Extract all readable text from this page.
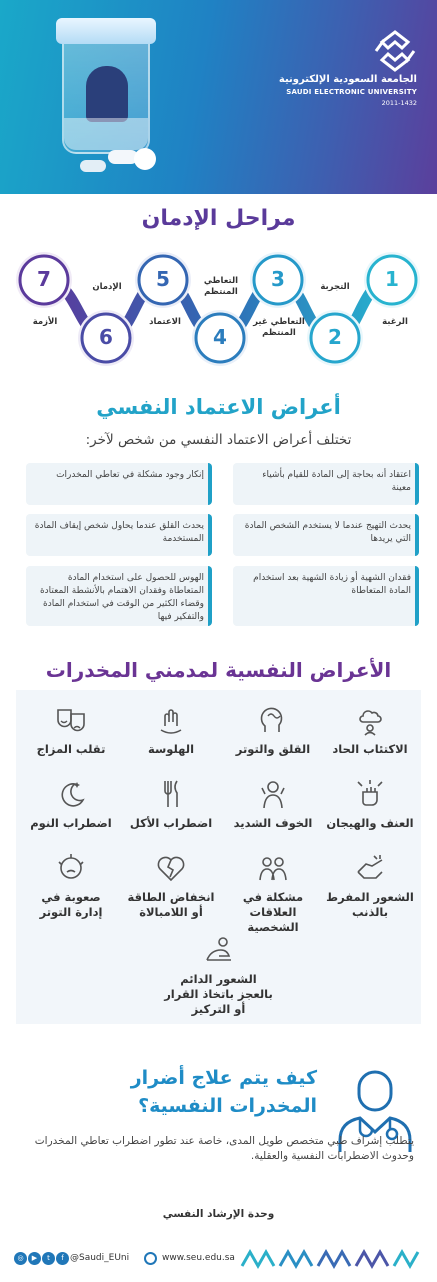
الجامعة السعودية الإلكترونية
SAUDI ELECTRONIC UNIVERSITY
2011-1432
مراحل الإدمان
1
2
3
4
5
6
7
الرغبة
التجربة
التعاطي غير المنتظم
التعاطي المنتظم
الاعتماد
الإدمان
الأزمة
أعراض الاعتماد النفسي
تختلف أعراض الاعتماد النفسي من شخص لآخر:
اعتقاد أنه بحاجة إلى المادة للقيام بأشياء معينة
إنكار وجود مشكلة في تعاطي المخدرات
يحدث التهيج عندما لا يستخدم الشخص المادة التي يريدها
يحدث القلق عندما يحاول شخص إيقاف المادة المستخدمة
فقدان الشهية أو زيادة الشهية بعد استخدام المادة المتعاطاة
الهوس للحصول على استخدام المادة المتعاطاة وفقدان الاهتمام بالأنشطة المعتادة وقضاء الكثير من الوقت في استخدام المادة والتفكير فيها
الأعراض النفسية لمدمني المخدرات
الاكتئاب الحاد
القلق والتوتر
الهلوسة
تقلب المزاج
العنف والهيجان
الخوف الشديد
اضطراب الأكل
اضطراب النوم
الشعور المفرط بالذنب
مشكلة في العلاقات الشخصية
انخفاض الطاقة أو اللامبالاة
صعوبة في إدارة التوتر
الشعور الدائم بالعجز باتخاذ القرار أو التركيز
كيف يتم علاج أضرار المخدرات النفسية؟
يتطلب إشراف طبي متخصص طويل المدى، خاصة عند تطور اضطراب تعاطي المخدرات وحدوث الاضطرابات النفسية والعقلية.
وحدة الإرشاد النفسي
◎	▶	t	f @Saudi_EUni	www.seu.edu.sa
